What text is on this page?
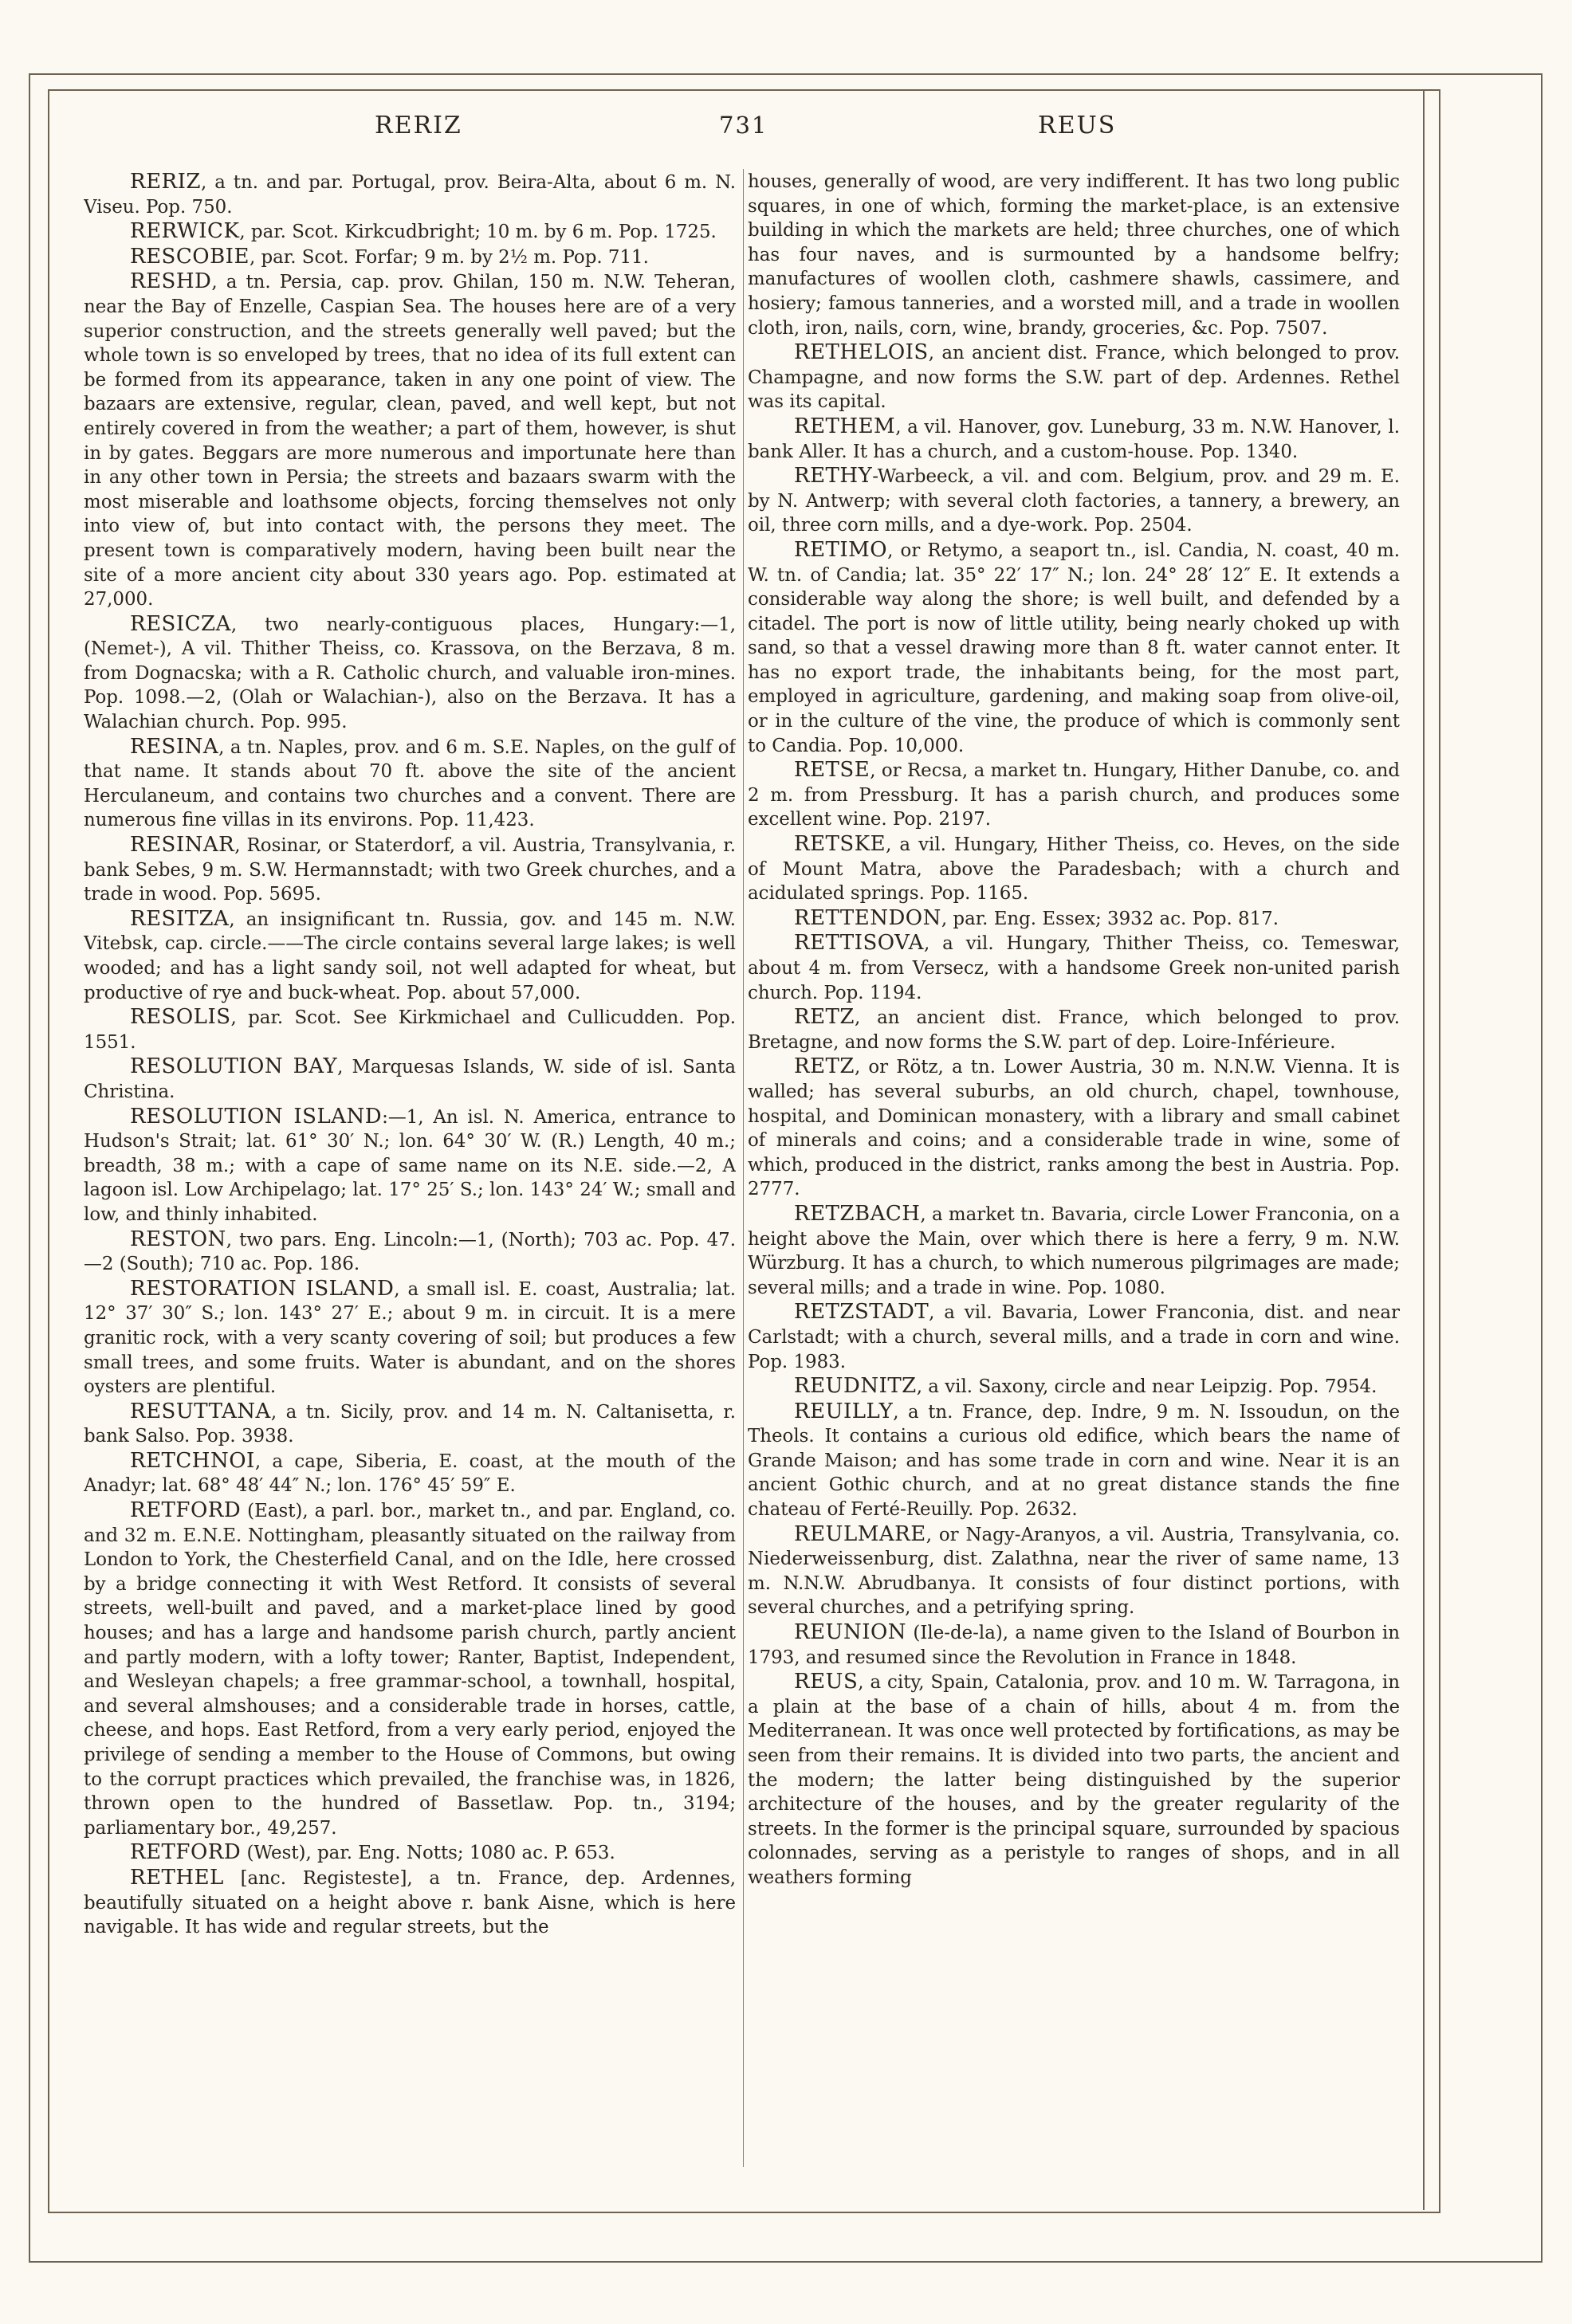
RERIZ	731	REUS

RERIZ, a tn. and par. Portugal, prov. Beira-Alta, about 6 m. N. Viseu. Pop. 750.

RERWICK, par. Scot. Kirkcudbright; 10 m. by 6 m. Pop. 1725.

RESCOBIE, par. Scot. Forfar; 9 m. by 2½ m. Pop. 711.

RESHD, a tn. Persia, cap. prov. Ghilan, 150 m. N.W. Teheran, near the Bay of Enzelle, Caspian Sea. The houses here are of a very superior construction, and the streets generally well paved; but the whole town is so enveloped by trees, that no idea of its full extent can be formed from its appearance, taken in any one point of view. The bazaars are extensive, regular, clean, paved, and well kept, but not entirely covered in from the weather; a part of them, however, is shut in by gates. Beggars are more numerous and importunate here than in any other town in Persia; the streets and bazaars swarm with the most miserable and loathsome objects, forcing themselves not only into view of, but into contact with, the persons they meet. The present town is comparatively modern, having been built near the site of a more ancient city about 330 years ago. Pop. estimated at 27,000.

RESICZA, two nearly-contiguous places, Hungary:—1, (Nemet-), A vil. Thither Theiss, co. Krassova, on the Berzava, 8 m. from Dognacska; with a R. Catholic church, and valuable iron-mines. Pop. 1098.—2, (Olah or Walachian-), also on the Berzava. It has a Walachian church. Pop. 995.

RESINA, a tn. Naples, prov. and 6 m. S.E. Naples, on the gulf of that name. It stands about 70 ft. above the site of the ancient Herculaneum, and contains two churches and a convent. There are numerous fine villas in its environs. Pop. 11,423.

RESINAR, Rosinar, or Staterdorf, a vil. Austria, Transylvania, r. bank Sebes, 9 m. S.W. Hermannstadt; with two Greek churches, and a trade in wood. Pop. 5695.

RESITZA, an insignificant tn. Russia, gov. and 145 m. N.W. Vitebsk, cap. circle.——The circle contains several large lakes; is well wooded; and has a light sandy soil, not well adapted for wheat, but productive of rye and buck-wheat. Pop. about 57,000.

RESOLIS, par. Scot. See Kirkmichael and Cullicudden. Pop. 1551.

RESOLUTION BAY, Marquesas Islands, W. side of isl. Santa Christina.

RESOLUTION ISLAND:—1, An isl. N. America, entrance to Hudson's Strait; lat. 61° 30′ N.; lon. 64° 30′ W. (R.) Length, 40 m.; breadth, 38 m.; with a cape of same name on its N.E. side.—2, A lagoon isl. Low Archipelago; lat. 17° 25′ S.; lon. 143° 24′ W.; small and low, and thinly inhabited.

RESTON, two pars. Eng. Lincoln:—1, (North); 703 ac. Pop. 47.—2 (South); 710 ac. Pop. 186.

RESTORATION ISLAND, a small isl. E. coast, Australia; lat. 12° 37′ 30″ S.; lon. 143° 27′ E.; about 9 m. in circuit. It is a mere granitic rock, with a very scanty covering of soil; but produces a few small trees, and some fruits. Water is abundant, and on the shores oysters are plentiful.

RESUTTANA, a tn. Sicily, prov. and 14 m. N. Caltanisetta, r. bank Salso. Pop. 3938.

RETCHNOI, a cape, Siberia, E. coast, at the mouth of the Anadyr; lat. 68° 48′ 44″ N.; lon. 176° 45′ 59″ E.

RETFORD (East), a parl. bor., market tn., and par. England, co. and 32 m. E.N.E. Nottingham, pleasantly situated on the railway from London to York, the Chesterfield Canal, and on the Idle, here crossed by a bridge connecting it with West Retford. It consists of several streets, well-built and paved, and a market-place lined by good houses; and has a large and handsome parish church, partly ancient and partly modern, with a lofty tower; Ranter, Baptist, Independent, and Wesleyan chapels; a free grammar-school, a townhall, hospital, and several almshouses; and a considerable trade in horses, cattle, cheese, and hops. East Retford, from a very early period, enjoyed the privilege of sending a member to the House of Commons, but owing to the corrupt practices which prevailed, the franchise was, in 1826, thrown open to the hundred of Bassetlaw. Pop. tn., 3194; parliamentary bor., 49,257.

RETFORD (West), par. Eng. Notts; 1080 ac. P. 653.

RETHEL [anc. Registeste], a tn. France, dep. Ardennes, beautifully situated on a height above r. bank Aisne, which is here navigable. It has wide and regular streets, but the

houses, generally of wood, are very indifferent. It has two long public squares, in one of which, forming the market-place, is an extensive building in which the markets are held; three churches, one of which has four naves, and is surmounted by a handsome belfry; manufactures of woollen cloth, cashmere shawls, cassimere, and hosiery; famous tanneries, and a worsted mill, and a trade in woollen cloth, iron, nails, corn, wine, brandy, groceries, &c. Pop. 7507.

RETHELOIS, an ancient dist. France, which belonged to prov. Champagne, and now forms the S.W. part of dep. Ardennes. Rethel was its capital.

RETHEM, a vil. Hanover, gov. Luneburg, 33 m. N.W. Hanover, l. bank Aller. It has a church, and a custom-house. Pop. 1340.

RETHY-Warbeeck, a vil. and com. Belgium, prov. and 29 m. E. by N. Antwerp; with several cloth factories, a tannery, a brewery, an oil, three corn mills, and a dye-work. Pop. 2504.

RETIMO, or Retymo, a seaport tn., isl. Candia, N. coast, 40 m. W. tn. of Candia; lat. 35° 22′ 17″ N.; lon. 24° 28′ 12″ E. It extends a considerable way along the shore; is well built, and defended by a citadel. The port is now of little utility, being nearly choked up with sand, so that a vessel drawing more than 8 ft. water cannot enter. It has no export trade, the inhabitants being, for the most part, employed in agriculture, gardening, and making soap from olive-oil, or in the culture of the vine, the produce of which is commonly sent to Candia. Pop. 10,000.

RETSE, or Recsa, a market tn. Hungary, Hither Danube, co. and 2 m. from Pressburg. It has a parish church, and produces some excellent wine. Pop. 2197.

RETSKE, a vil. Hungary, Hither Theiss, co. Heves, on the side of Mount Matra, above the Paradesbach; with a church and acidulated springs. Pop. 1165.

RETTENDON, par. Eng. Essex; 3932 ac. Pop. 817.

RETTISOVA, a vil. Hungary, Thither Theiss, co. Temeswar, about 4 m. from Versecz, with a handsome Greek non-united parish church. Pop. 1194.

RETZ, an ancient dist. France, which belonged to prov. Bretagne, and now forms the S.W. part of dep. Loire-Inférieure.

RETZ, or Rötz, a tn. Lower Austria, 30 m. N.N.W. Vienna. It is walled; has several suburbs, an old church, chapel, townhouse, hospital, and Dominican monastery, with a library and small cabinet of minerals and coins; and a considerable trade in wine, some of which, produced in the district, ranks among the best in Austria. Pop. 2777.

RETZBACH, a market tn. Bavaria, circle Lower Franconia, on a height above the Main, over which there is here a ferry, 9 m. N.W. Würzburg. It has a church, to which numerous pilgrimages are made; several mills; and a trade in wine. Pop. 1080.

RETZSTADT, a vil. Bavaria, Lower Franconia, dist. and near Carlstadt; with a church, several mills, and a trade in corn and wine. Pop. 1983.

REUDNITZ, a vil. Saxony, circle and near Leipzig. Pop. 7954.

REUILLY, a tn. France, dep. Indre, 9 m. N. Issoudun, on the Theols. It contains a curious old edifice, which bears the name of Grande Maison; and has some trade in corn and wine. Near it is an ancient Gothic church, and at no great distance stands the fine chateau of Ferté-Reuilly. Pop. 2632.

REULMARE, or Nagy-Aranyos, a vil. Austria, Transylvania, co. Niederweissenburg, dist. Zalathna, near the river of same name, 13 m. N.N.W. Abrudbanya. It consists of four distinct portions, with several churches, and a petrifying spring.

REUNION (Ile-de-la), a name given to the Island of Bourbon in 1793, and resumed since the Revolution in France in 1848.

REUS, a city, Spain, Catalonia, prov. and 10 m. W. Tarragona, in a plain at the base of a chain of hills, about 4 m. from the Mediterranean. It was once well protected by fortifications, as may be seen from their remains. It is divided into two parts, the ancient and the modern; the latter being distinguished by the superior architecture of the houses, and by the greater regularity of the streets. In the former is the principal square, surrounded by spacious colonnades, serving as a peristyle to ranges of shops, and in all weathers forming
